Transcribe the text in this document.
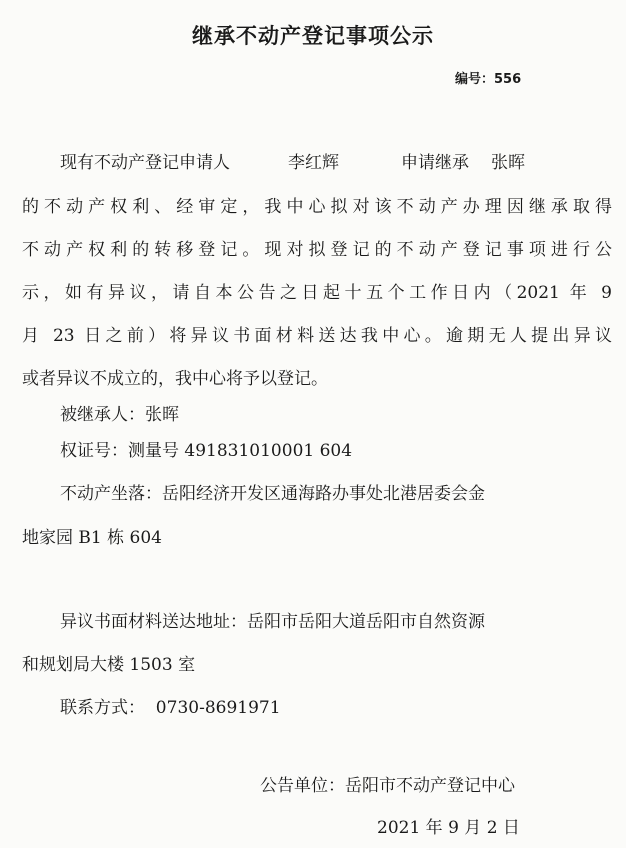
继承不动产登记事项公示
编号：556
现有不动产登记申请人	李红辉	申请继承 张晖
的不动产权利、经审定，我中心拟对该不动产办理因继承取得
不动产权利的转移登记。现对拟登记的不动产登记事项进行公
示，如有异议，请自本公告之日起十五个工作日内（2021 年 9
月 23 日之前）将异议书面材料送达我中心。逾期无人提出异议
或者异议不成立的，我中心将予以登记。
被继承人：张晖
权证号：测量号 491831010001 604
不动产坐落：岳阳经济开发区通海路办事处北港居委会金
地家园 B1 栋 604
异议书面材料送达地址：岳阳市岳阳大道岳阳市自然资源
和规划局大楼 1503 室
联系方式：  0730-8691971
公告单位：岳阳市不动产登记中心
2021 年 9 月 2 日
